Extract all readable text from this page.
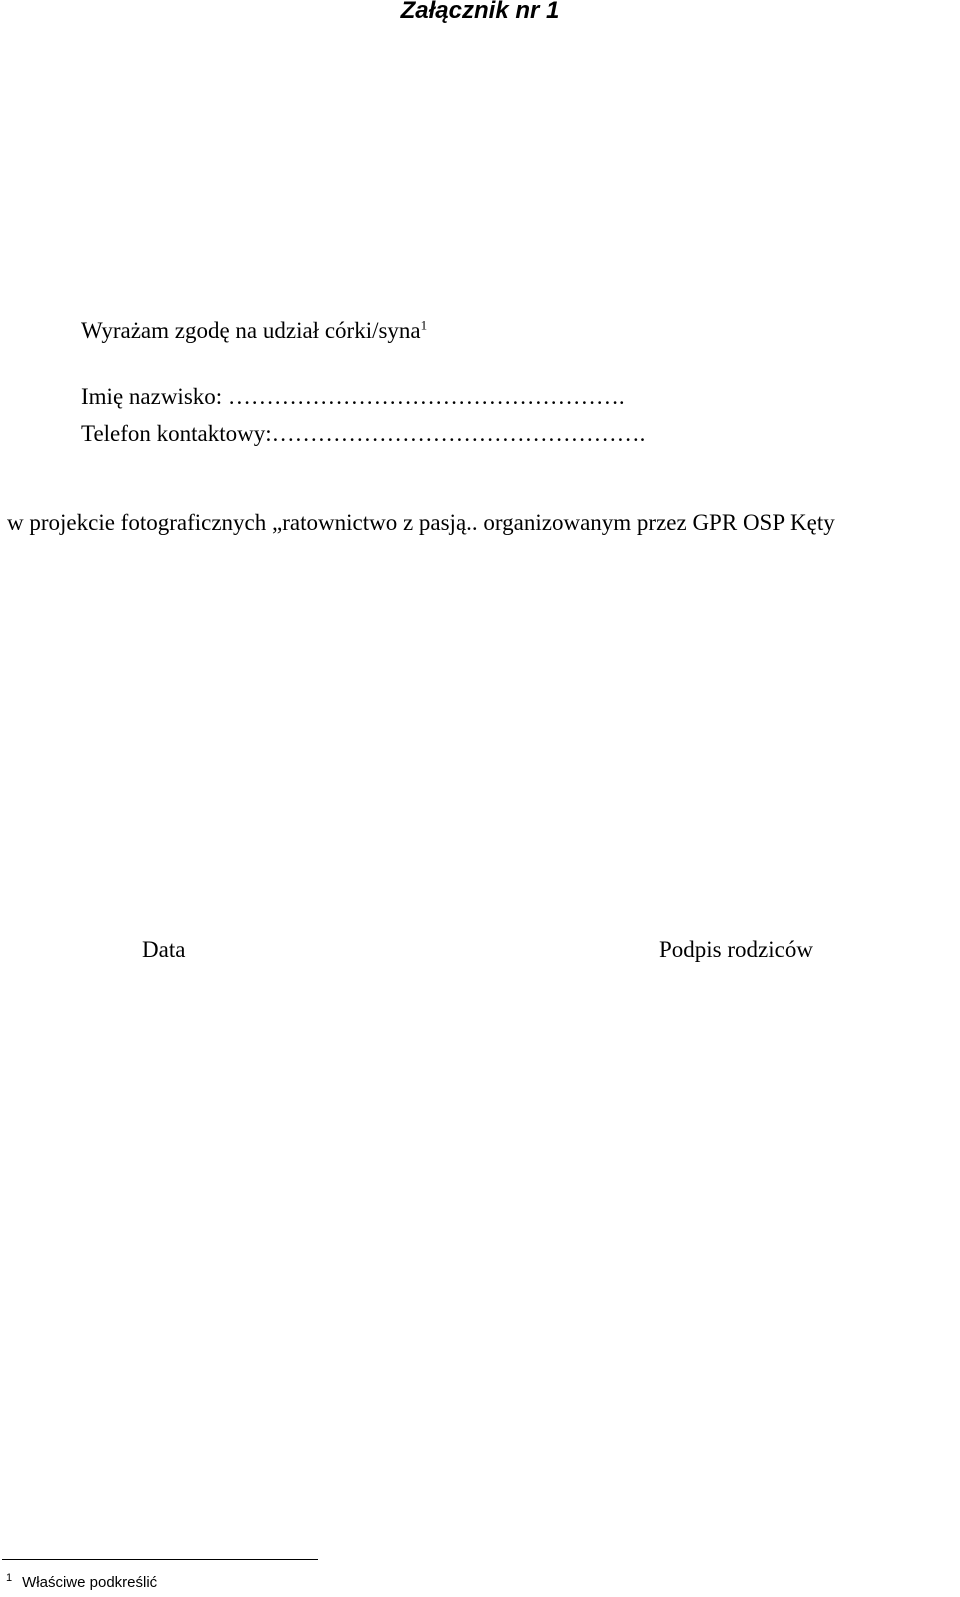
Załącznik nr 1
Wyrażam zgodę na udział córki/syna$^1$
Imię nazwisko: …………………………………………….
Telefon kontaktowy:………………………………………….
w projekcie fotograficznych „ratownictwo z pasją.. organizowanym przez GPR OSP Kęty
Data	Podpis rodziców
$^1$ Właściwe podkreślić
